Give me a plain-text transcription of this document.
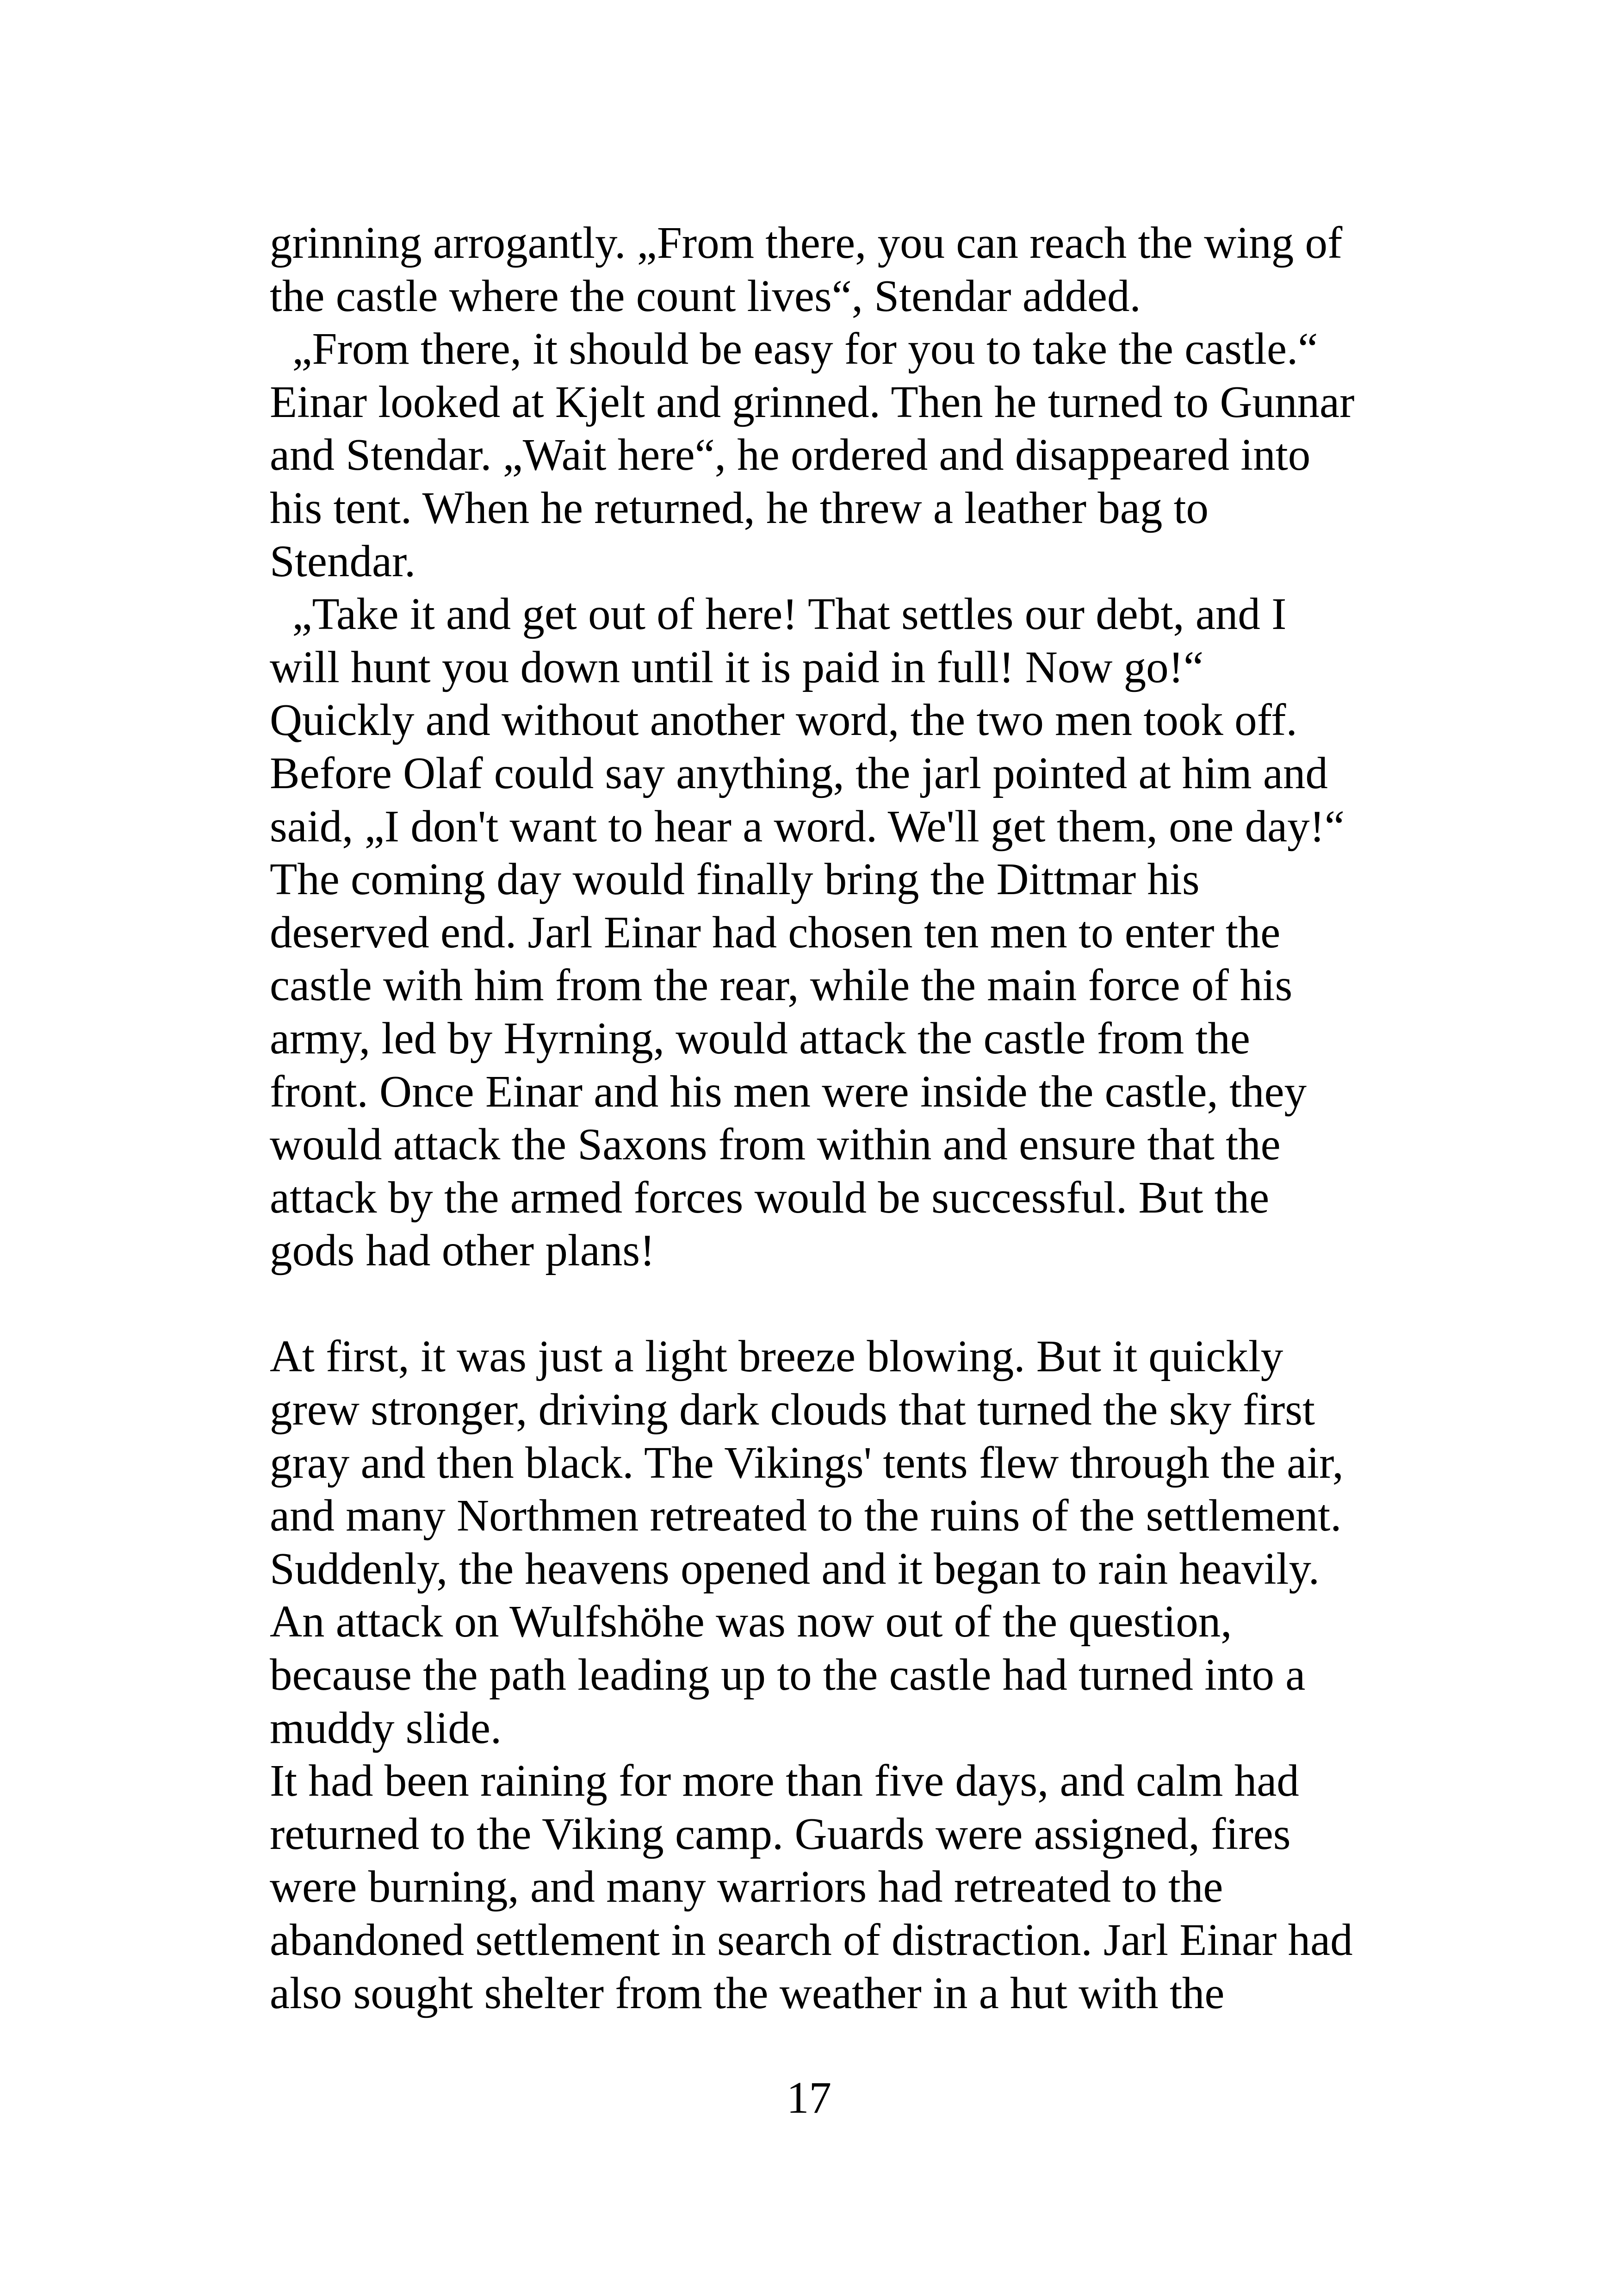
grinning arrogantly. „From there, you can reach the wing of
the castle where the count lives“, Stendar added.
„From there, it should be easy for you to take the castle.“
Einar looked at Kjelt and grinned. Then he turned to Gunnar
and Stendar. „Wait here“, he ordered and disappeared into
his tent. When he returned, he threw a leather bag to
Stendar.
„Take it and get out of here! That settles our debt, and I
will hunt you down until it is paid in full! Now go!“
Quickly and without another word, the two men took off.
Before Olaf could say anything, the jarl pointed at him and
said, „I don't want to hear a word. We'll get them, one day!“
The coming day would finally bring the Dittmar his
deserved end. Jarl Einar had chosen ten men to enter the
castle with him from the rear, while the main force of his
army, led by Hyrning, would attack the castle from the
front. Once Einar and his men were inside the castle, they
would attack the Saxons from within and ensure that the
attack by the armed forces would be successful. But the
gods had other plans!
At first, it was just a light breeze blowing. But it quickly
grew stronger, driving dark clouds that turned the sky first
gray and then black. The Vikings' tents flew through the air,
and many Northmen retreated to the ruins of the settlement.
Suddenly, the heavens opened and it began to rain heavily.
An attack on Wulfshöhe was now out of the question,
because the path leading up to the castle had turned into a
muddy slide.
It had been raining for more than five days, and calm had
returned to the Viking camp. Guards were assigned, fires
were burning, and many warriors had retreated to the
abandoned settlement in search of distraction. Jarl Einar had
also sought shelter from the weather in a hut with the
17
